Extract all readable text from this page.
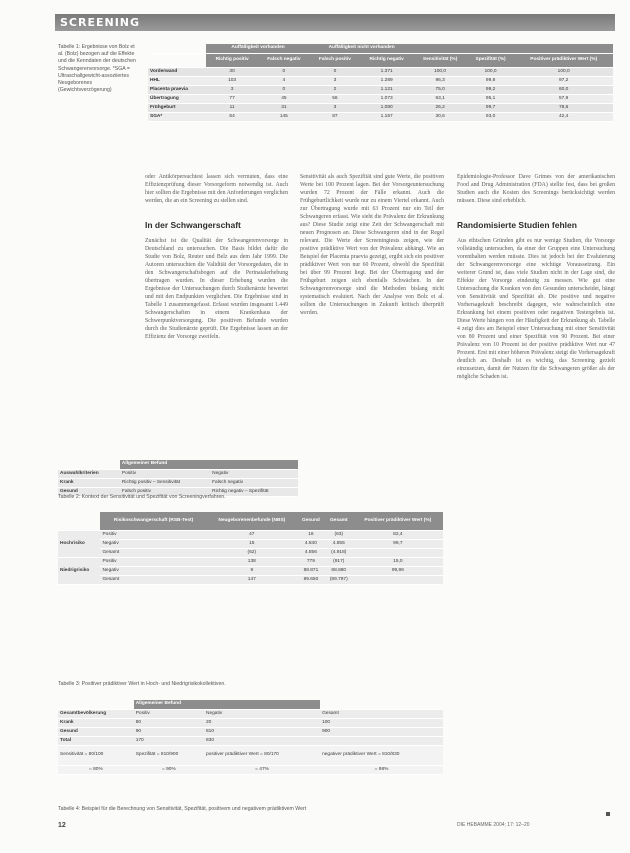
SCREENING
Tabelle 1: Ergebnisse von Bolz et al. (Bolz) bezogen auf die Effekte und die Kenndaten der deutschen Schwangerenvorsorge. *SGA = Ultraschallgewicht-assoziiertes Neugeborenes (Gewichtsverzögerung)
	Auffälligkeit vorhanden		Auffälligkeit nicht vorhanden				
	Richtig positiv	Falsch negativ	Falsch positiv	Richtig negativ	Sensitivität (%)	Spezifität (%)	Positiver prädiktiver Wert (%)
Vorderwand	30	0	0	1.371	100,0	100,0	100,0
HHL	103	4	3	1.289	96,3	99,8	97,2
Placenta praevia	3	0	2	1.121	75,0	99,2	60,0
Übertragung	77	45	56	1.073	63,1	95,1	57,9
Frühgeburt	11	31	3	1.080	26,2	99,7	78,6
SGA*	64	145	87	1.157	30,6	93,0	42,4

oder Antikörpersuchtest lassen sich vermuten, dass eine Effizienzprüfung dieser Vorsorgeform notwendig ist. Auch hier sollten die Ergebnisse mit den Anforderungen verglichen werden, die an ein Screening zu stellen sind.

In der Schwangerschaft

Zunächst ist die Qualität der Schwangerenvorsorge in Deutschland zu untersuchen. Die Basis bildet dafür die Studie von Bolz, Reuter und Belz aus dem Jahr 1999. Die Autoren untersuchten die Validität der Vorsorgedaten, die in den Schwangerschaftsbogen auf die Perinatalerhebung übertragen wurden. In dieser Erhebung wurden die Ergebnisse der Untersuchungen durch Studienärzte bewertet und mit den Endpunkten verglichen. Die Ergebnisse sind in Tabelle 1 zusammengefasst. Erfasst wurden insgesamt 1.449 Schwangerschaften in einem Krankenhaus der Schwerpunktversorgung. Die positiven Befunde wurden durch die Studienärzte geprüft. Die Ergebnisse lassen an der Effizienz der Vorsorge zweifeln.

Sensitivität als auch Spezifität sind gute Werte, die positiven Werte bei 100 Prozent lagen. Bei der Vorsorgeuntersuchung wurden 72 Prozent der Fälle erkannt. Auch die Frühgeburtlichkeit wurde nur zu einem Viertel erkannt. Auch zur Übertragung wurde mit 63 Prozent nur ein Teil der Schwangeren erfasst. Wie sieht die Prävalenz der Erkrankung aus? Diese Studie zeigt eine Zeit der Schwangerschaft mit neuen Prognosen an. Diese Schwangeren sind in der Regel relevant. Die Werte der Screeningtests zeigen, wie der positive prädiktive Wert von der Prävalenz abhängt. Wie an Beispiel der Placenta praevia gezeigt, ergibt sich ein positiver prädiktiver Wert von nur 60 Prozent, obwohl die Spezifität bei über 99 Prozent liegt. Bei der Übertragung und der Frühgeburt zeigen sich ebenfalls Schwächen. In der Schwangerenvorsorge sind die Methoden bislang nicht systematisch evaluiert. Nach der Analyse von Bolz et al. sollten die Untersuchungen in Zukunft kritisch überprüft werden.

Epidemiologie-Professor Dave Grimes von der amerikanischen Food and Drug Administration (FDA) stellte fest, dass bei großen Studien auch die Kosten des Screenings berücksichtigt werden müssen. Diese sind erheblich.

Randomisierte Studien fehlen

Aus ethischen Gründen gibt es nur wenige Studien, die Vorsorge vollständig untersuchen, da einer der Gruppen eine Untersuchung vorenthalten werden müsste. Dies ist jedoch bei der Evaluierung der Schwangerenvorsorge eine wichtige Voraussetzung. Ein weiterer Grund ist, dass viele Studien nicht in der Lage sind, die Effekte der Vorsorge eindeutig zu messen. Wie gut eine Untersuchung die Kranken von den Gesunden unterscheidet, hängt von Sensitivität und Spezifität ab. Die positive und negative Vorhersagekraft beschreibt dagegen, wie wahrscheinlich eine Erkrankung bei einem positiven oder negativen Testergebnis ist. Diese Werte hängen von der Häufigkeit der Erkrankung ab. Tabelle 4 zeigt dies am Beispiel einer Untersuchung mit einer Sensitivität von 80 Prozent und einer Spezifität von 90 Prozent. Bei einer Prävalenz von 10 Prozent ist der positive prädiktive Wert nur 47 Prozent. Erst mit einer höheren Prävalenz steigt die Vorhersagekraft deutlich an. Deshalb ist es wichtig, das Screening gezielt einzusetzen, damit der Nutzen für die Schwangeren größer als der mögliche Schaden ist.

	Allgemeiner Befund	
Auswahlkriterien	Positiv	Negativ
Krank	Richtig positiv – Sensitivität	Falsch negativ
Gesund	Falsch positiv	Richtig negativ – Spezifität
Tabelle 2: Kontext der Sensitivität und Spezifität von Screeningverfahren.
	Risikoschwangerschaft (RSB-Test)	Neugeborenenbefunde (NBS)	Gesund	Gesamt	Positiver prädiktiver Wert (%)
Hochrisiko	Positiv	47	16	(63)	82,4
	Negativ	15	4.840	4.855	99,7
	Gesamt	(62)	4.856	(4.918)	
Niedrigrisiko	Positiv	138	779	(917)	15,0
	Negativ	9	88.871	88.880	99,99
	Gesamt	147	89.650	(89.797)	
Tabelle 3: Positiver prädiktiver Wert in Hoch- und Niedrigrisikokollektiven.
	Allgemeiner Befund		
Gesamtbevölkerung	Positiv	Negativ	Gesamt
Krank	80	20	100
Gesund	90	810	900
Total	170	830	
Sensitivität = 80/100	Spezifität = 810/900	positiver prädiktiver Wert = 80/170	negativer prädiktiver Wert = 810/830
= 80%	= 90%	= 47%	= 98%
Tabelle 4: Beispiel für die Berechnung von Sensitivität, Spezifität, positivem und negativem prädiktivem Wert
12	DIE HEBAMME 2004; 17: 12–20
